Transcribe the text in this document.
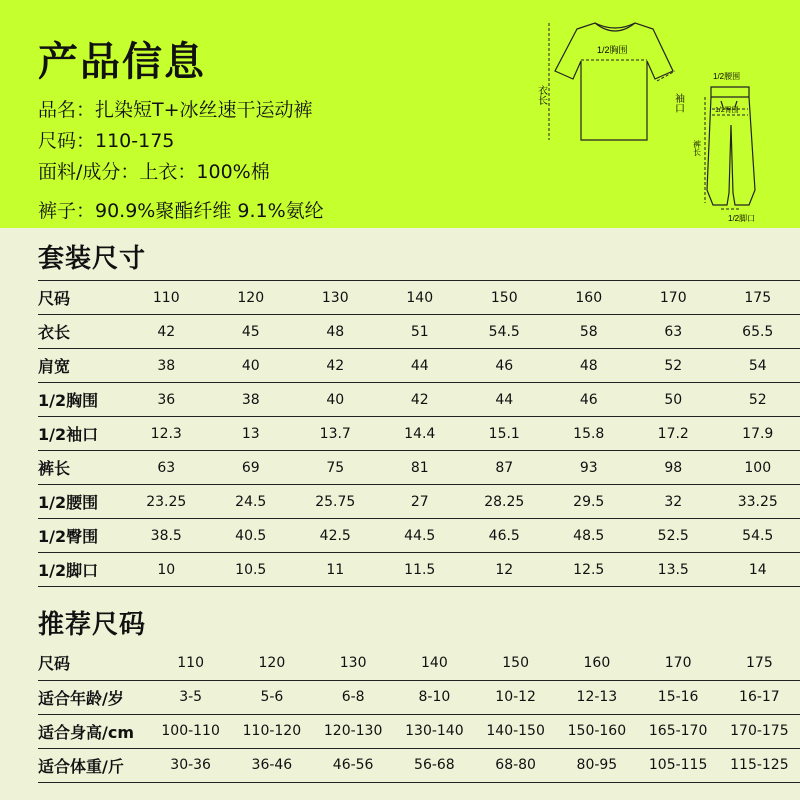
产品信息
品名：扎染短T+冰丝速干运动裤
尺码：110-175
面料/成分：上衣：100%棉
裤子：90.9%聚酯纤维 9.1%氨纶
衣长
1/2胸围
袖口
1/2腰围
1/2臀围
裤长
1/2脚口
套装尺寸
尺码	110	120	130	140	150	160	170	175
衣长	42	45	48	51	54.5	58	63	65.5
肩宽	38	40	42	44	46	48	52	54
1/2胸围	36	38	40	42	44	46	50	52
1/2袖口	12.3	13	13.7	14.4	15.1	15.8	17.2	17.9
裤长	63	69	75	81	87	93	98	100
1/2腰围	23.25	24.5	25.75	27	28.25	29.5	32	33.25
1/2臀围	38.5	40.5	42.5	44.5	46.5	48.5	52.5	54.5
1/2脚口	10	10.5	11	11.5	12	12.5	13.5	14
推荐尺码
尺码	110	120	130	140	150	160	170	175
适合年龄/岁	3-5	5-6	6-8	8-10	10-12	12-13	15-16	16-17
适合身高/cm	100-110	110-120	120-130	130-140	140-150	150-160	165-170	170-175
适合体重/斤	30-36	36-46	46-56	56-68	68-80	80-95	105-115	115-125
